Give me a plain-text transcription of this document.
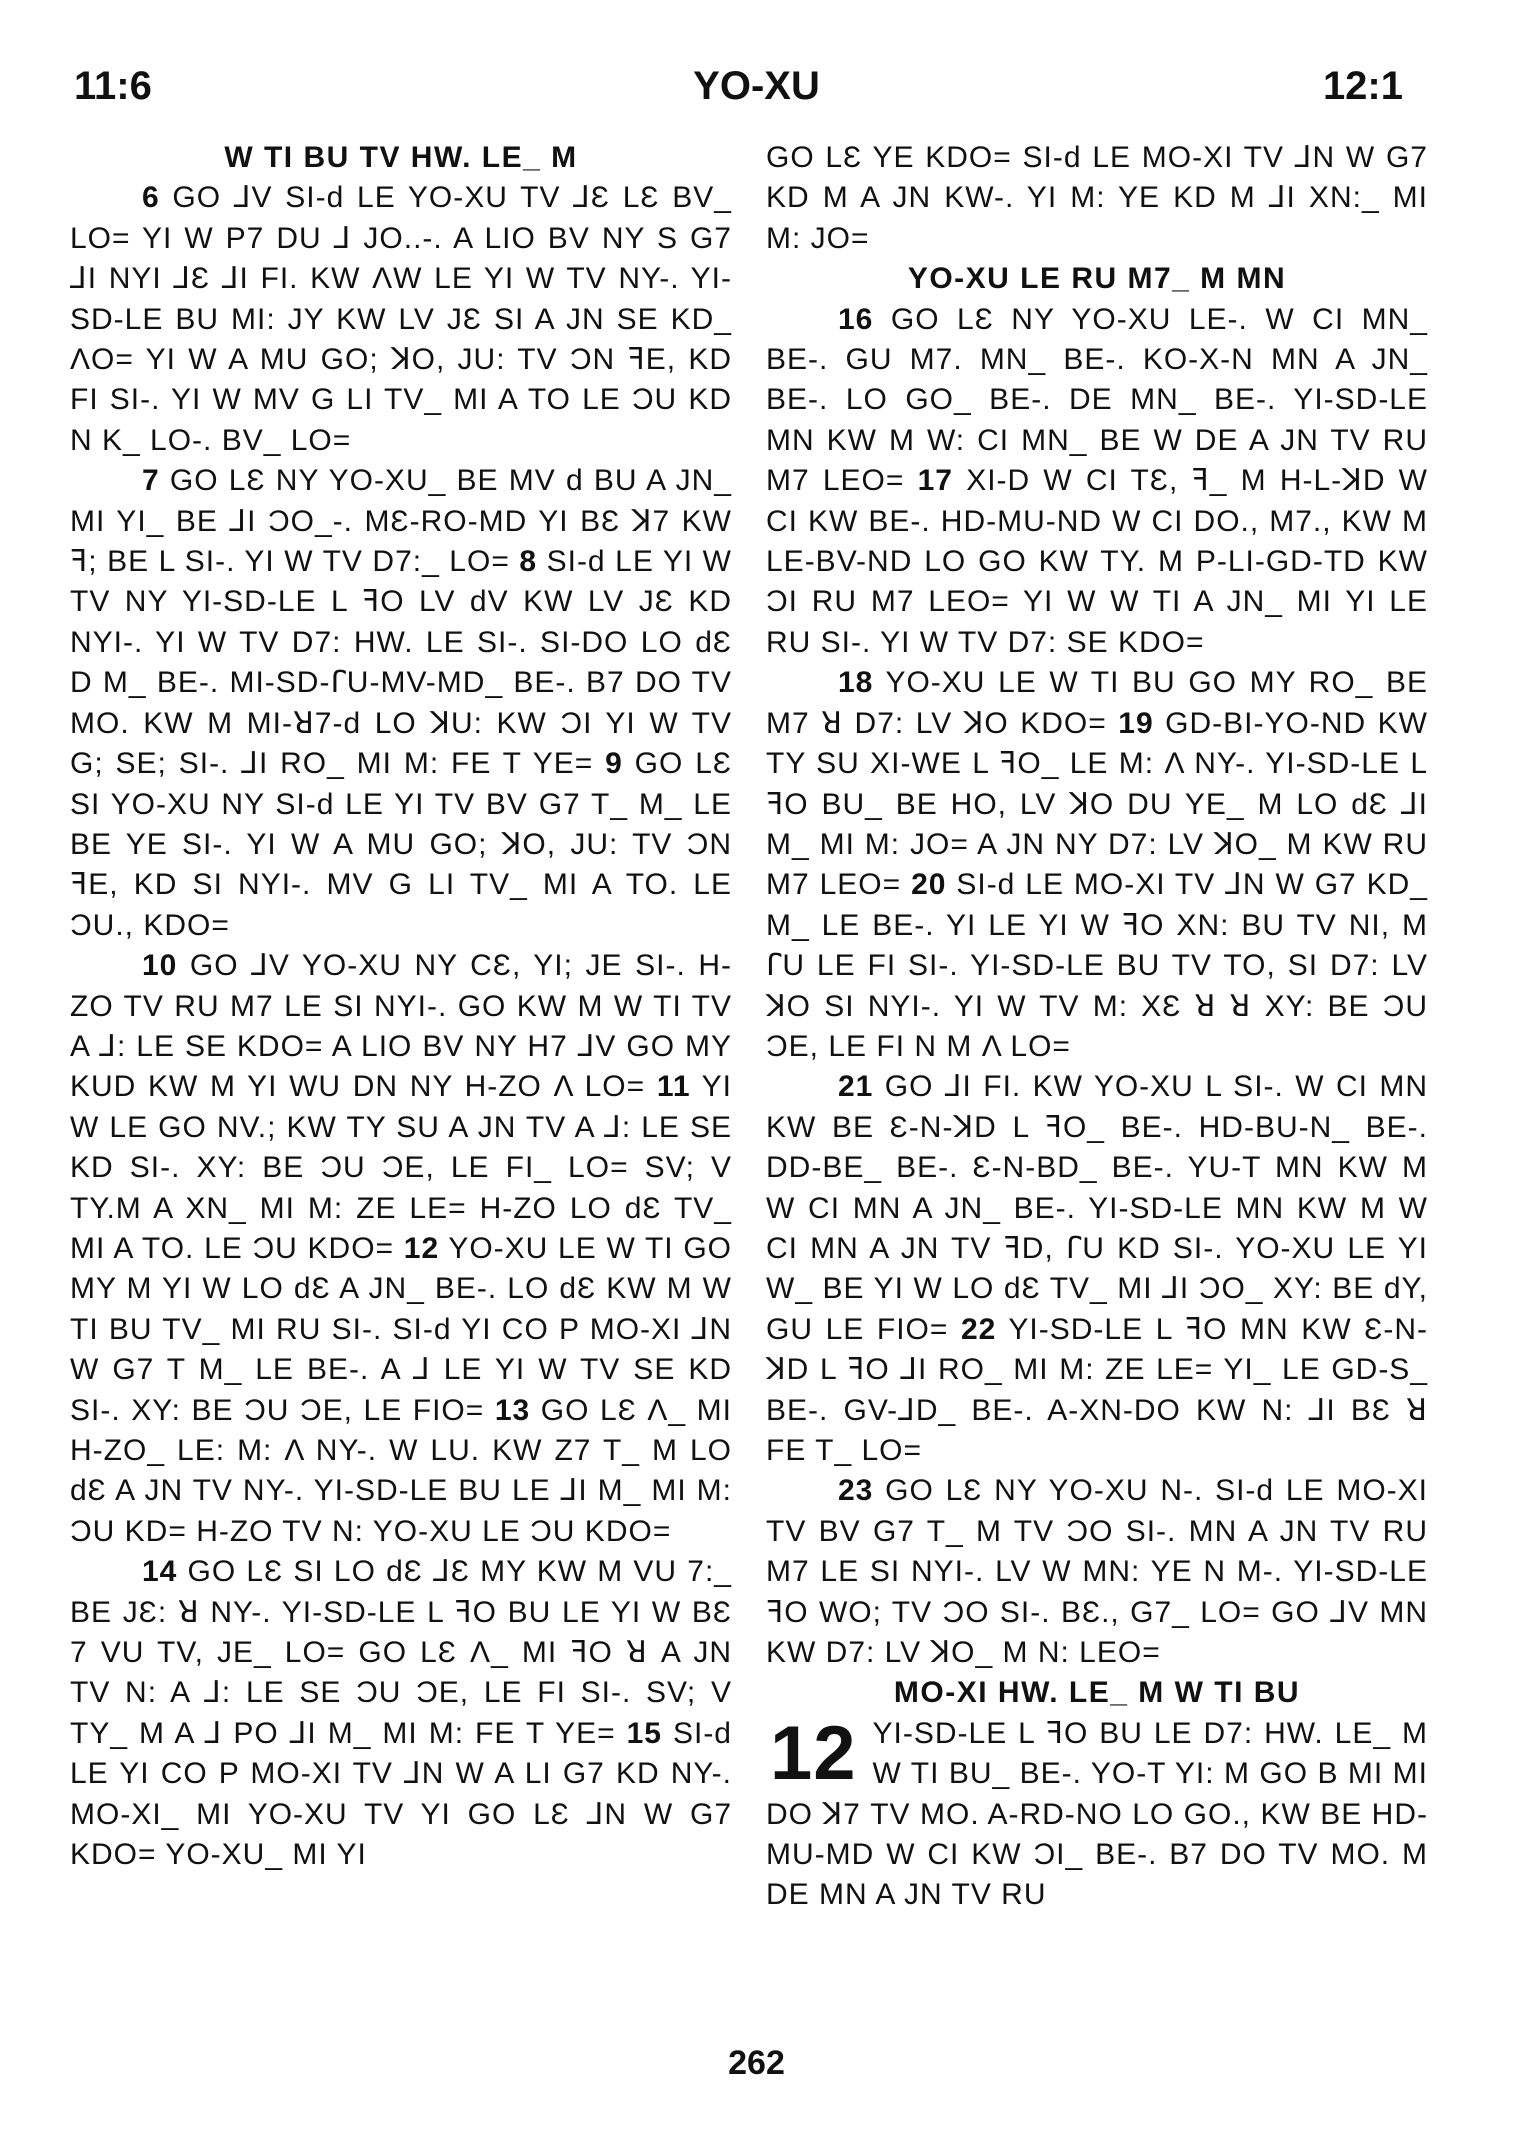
11:6	YO-XU	12:1
W TI BU TV HW. LE_ M

6 GO ⅃V SI-d LE YO-XU TV ⅃Ɛ LƐ BV_ LO= YI W P7 DU ⅃ JO..-. A LIO BV NY S G7 ⅃I NYI ⅃Ɛ ⅃I FI. KW ΛW LE YI W TV NY-. YI-SD-LE BU MI: JY KW LV JƐ SI A JN SE KD_ ΛO= YI W A MU GO; ꓘO, JU: TV ƆN ꟻE, KD FI SI-. YI W MV G LI TV_ MI A TO LE ƆU KD N K_ LO-. BV_ LO=

7 GO LƐ NY YO-XU_ BE MV d BU A JN_ MI YI_ BE ⅃I ƆO_-. MƐ-RO-MD YI BƐ ꓘ7 KW ꟻ; BE L SI-. YI W TV D7:_ LO= 8 SI-d LE YI W TV NY YI-SD-LE L ꟻO LV dV KW LV JƐ KD NYI-. YI W TV D7: HW. LE SI-. SI-DO LO dƐ D M_ BE-. MI-SD-ꓩU-MV-MD_ BE-. B7 DO TV MO. KW M MI-ꓤ7-d LO ꓘU: KW ƆI YI W TV G; SE; SI-. ⅃I RO_ MI M: FE T YE= 9 GO LƐ SI YO-XU NY SI-d LE YI TV BV G7 T_ M_ LE BE YE SI-. YI W A MU GO; ꓘO, JU: TV ƆN ꟻE, KD SI NYI-. MV G LI TV_ MI A TO. LE ƆU., KDO=

10 GO ⅃V YO-XU NY CƐ, YI; JE SI-. H-ZO TV RU M7 LE SI NYI-. GO KW M W TI TV A ⅃: LE SE KDO= A LIO BV NY H7 ⅃V GO MY KUD KW M YI WU DN NY H-ZO Λ LO= 11 YI W LE GO NV.; KW TY SU A JN TV A ⅃: LE SE KD SI-. XY: BE ƆU ƆE, LE FI_ LO= SV; V TY.M A XN_ MI M: ZE LE= H-ZO LO dƐ TV_ MI A TO. LE ƆU KDO= 12 YO-XU LE W TI GO MY M YI W LO dƐ A JN_ BE-. LO dƐ KW M W TI BU TV_ MI RU SI-. SI-d YI CO P MO-XI ⅃N W G7 T M_ LE BE-. A ⅃ LE YI W TV SE KD SI-. XY: BE ƆU ƆE, LE FIO= 13 GO LƐ Λ_ MI H-ZO_ LE: M: Λ NY-. W LU. KW Z7 T_ M LO dƐ A JN TV NY-. YI-SD-LE BU LE ⅃I M_ MI M: ƆU KD= H-ZO TV N: YO-XU LE ƆU KDO=

14 GO LƐ SI LO dƐ ⅃Ɛ MY KW M VU 7:_ BE JƐ: ꓤ NY-. YI-SD-LE L ꟻO BU LE YI W BƐ 7 VU TV, JE_ LO= GO LƐ Λ_ MI ꟻO ꓤ A JN TV N: A ⅃: LE SE ƆU ƆE, LE FI SI-. SV; V TY_ M A ⅃ PO ⅃I M_ MI M: FE T YE= 15 SI-d LE YI CO P MO-XI TV ⅃N W A LI G7 KD NY-. MO-XI_ MI YO-XU TV YI GO LƐ ⅃N W G7 KDO= YO-XU_ MI YI

GO LƐ YE KDO= SI-d LE MO-XI TV ⅃N W G7 KD M A JN KW-. YI M: YE KD M ⅃I XN:_ MI M: JO=

YO-XU LE RU M7_ M MN

16 GO LƐ NY YO-XU LE-. W CI MN_ BE-. GU M7. MN_ BE-. KO-X-N MN A JN_ BE-. LO GO_ BE-. DE MN_ BE-. YI-SD-LE MN KW M W: CI MN_ BE W DE A JN TV RU M7 LEO= 17 XI-D W CI TƐ, ꟻ_ M H-L-ꓘD W CI KW BE-. HD-MU-ND W CI DO., M7., KW M LE-BV-ND LO GO KW TY. M P-LI-GD-TD KW ƆI RU M7 LEO= YI W W TI A JN_ MI YI LE RU SI-. YI W TV D7: SE KDO=

18 YO-XU LE W TI BU GO MY RO_ BE M7 ꓤ D7: LV ꓘO KDO= 19 GD-BI-YO-ND KW TY SU XI-WE L ꟻO_ LE M: Λ NY-. YI-SD-LE L ꟻO BU_ BE HO, LV ꓘO DU YE_ M LO dƐ ⅃I M_ MI M: JO= A JN NY D7: LV ꓘO_ M KW RU M7 LEO= 20 SI-d LE MO-XI TV ⅃N W G7 KD_ M_ LE BE-. YI LE YI W ꟻO XN: BU TV NI, M ꓩU LE FI SI-. YI-SD-LE BU TV TO, SI D7: LV ꓘO SI NYI-. YI W TV M: XƐ ꓤ ꓤ XY: BE ƆU ƆE, LE FI N M Λ LO=

21 GO ⅃I FI. KW YO-XU L SI-. W CI MN KW BE Ɛ-N-ꓘD L ꟻO_ BE-. HD-BU-N_ BE-. DD-BE_ BE-. Ɛ-N-BD_ BE-. YU-T MN KW M W CI MN A JN_ BE-. YI-SD-LE MN KW M W CI MN A JN TV ꟻD, ꓩU KD SI-. YO-XU LE YI W_ BE YI W LO dƐ TV_ MI ⅃I ƆO_ XY: BE dY, GU LE FIO= 22 YI-SD-LE L ꟻO MN KW Ɛ-N-ꓘD L ꟻO ⅃I RO_ MI M: ZE LE= YI_ LE GD-S_ BE-. GV-⅃D_ BE-. A-XN-DO KW N: ⅃I BƐ ꓤ FE T_ LO=

23 GO LƐ NY YO-XU N-. SI-d LE MO-XI TV BV G7 T_ M TV ƆO SI-. MN A JN TV RU M7 LE SI NYI-. LV W MN: YE N M-. YI-SD-LE ꟻO WO; TV ƆO SI-. BƐ., G7_ LO= GO ⅃V MN KW D7: LV ꓘO_ M N: LEO=

MO-XI HW. LE_ M W TI BU

12 YI-SD-LE L ꟻO BU LE D7: HW. LE_ M W TI BU_ BE-. YO-T YI: M GO B MI MI DO ꓘ7 TV MO. A-RD-NO LO GO., KW BE HD-MU-MD W CI KW ƆI_ BE-. B7 DO TV MO. M DE MN A JN TV RU

262
